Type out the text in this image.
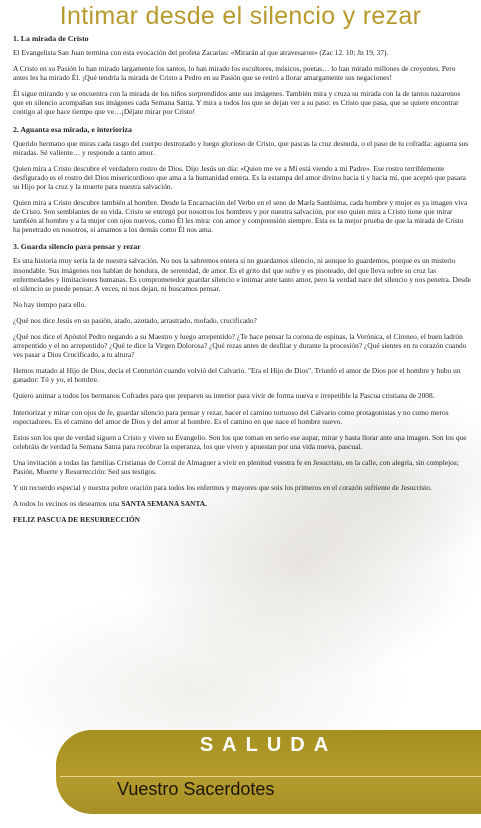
Intimar desde el silencio y rezar
1. La mirada de Cristo

El Evangelista San Juan termina con esta evocación del profeta Zacarías: «Mirarán al que atravesaron» (Zac 12. 10; Jn 19, 37).

A Cristo en su Pasión lo han mirado largamente los santos, lo han mirado los escultores, músicos, poetas… lo han mirado millones de creyentes. Pero antes les ha mirado Él. ¡Qué tendría la mirada de Cristo a Pedro en su Pasión que se retiró a llorar amargamente sus negaciones!

Él sigue mirando y se encuentra con la mirada de los niños sorprendidos ante sus imágenes. También mira y cruza su mirada con la de tantos nazarenos que en silencio acompañan sus imágenes cada Semana Santa. Y mira a todos los que se dejan ver a su paso: es Cristo que pasa, que se quiere encontrar contigo al que hace tiempo que ve…¡Déjate mirar por Cristo!

2. Aguanta esa mirada, e interioriza

Querido hermano que miras cada rasgo del cuerpo destrozado y luego glorioso de Cristo, que pascas la cruz desnuda, o el paso de tu cofradía: aguanta sus miradas. Sé valiente… y responde a tanto amor.

Quien mira a Cristo descubre el verdadero rostro de Dios. Dijo Jesús un día: «Quien me ve a Mí está viendo a mi Padre». Ese rostro terriblemente desfigurado es el rostro del Dios misericordioso que ama a la humanidad entera. Es la estampa del amor divino hacia ti y hacia mí, que aceptó que pasara su Hijo por la cruz y la muerte para nuestra salvación.

Quien mira a Cristo descubre también al hombre. Desde la Encarnación del Verbo en el seno de María Santísima, cada hombre y mujer es ya imagen viva de Cristo. Son semblantes de su vida. Cristo se entregó por nosotros los hombres y por nuestra salvación, por eso quien mira a Cristo tiene que mirar también al hombre y a la mujer con ojos nuevos, como Él les mira: con amor y comprensión siempre. Esta es la mejor prueba de que la mirada de Cristo ha penetrado en nosotros, si amamos a los demás como Él nos ama.

3. Guarda silencio para pensar y rezar

Es una historia muy seria la de nuestra salvación. No nos la sabremos entera si no guardamos silencio, ni aunque lo guardemos, porque es un misterio insondable. Sus imágenes nos hablan de hondura, de serenidad, de amor. Es el grito del que sufre y es pisoteado, del que lleva sobre su cruz las enfermedades y limitaciones humanas. Es comprometedor guardar silencio e intimar ante tanto amor, pero la verdad nace del silencio y nos penetra. Desde el silencio se puede pensar. A veces, ni nos dejan, ni buscamos pensar.

No hay tiempo para ello.

¿Qué nos dice Jesús en su pasión, atado, azotado, arrastrado, mofado, crucificado?

¿Qué nos dice el Apóstol Pedro negando a su Maestro y luego arrepentido? ¿Te hace pensar la corona de espinas, la Verónica, el Cireneo, el buen ladrón arrepentido y el no arrepentido? ¿Qué te dice la Virgen Dolorosa? ¿Qué rezas antes de desfilar y durante la procesión? ¿Qué sientes en tu corazón cuando ves pasar a Dios Crucificado, a tu altura?

Hemos matado al Hijo de Dios, decía el Centurión cuando volvió del Calvario. "Era el Hijo de Dios". Triunfó el amor de Dios por el hombre y hubo un ganador: Tú y yo, el hombre.

Quiero animar a todos los hermanos Cofrades para que preparen su interior para vivir de forma nueva e irrepetible la Pascua cristiana de 2008.

Interiorizar y mirar con ojos de fe, guardar silencio para pensar y rezar, hacer el camino tortuoso del Calvario como protagonistas y no como meros espectadores. Es el camino del amor de Dios y del amor al hombre. Es el camino en que nace el hombre nuevo.

Estos son los que de verdad siguen a Cristo y viven su Evangelio. Son los que toman en serio ese aupar, mirar y hasta llorar ante una imagen. Son los que celebráis de verdad la Semana Santa para recobrar la esperanza, los que viven y apuestan por una vida nueva, pascual.

Una invitación a todas las familias Cristianas de Corral de Almaguer a vivir en plenitud vuestra fe en Jesucristo, en la calle, con alegría, sin complejos; Pasión, Muerte y Resurrección: Sed sus testigos.

Y un recuerdo especial y nuestra pobre oración para todos los enfermos y mayores que sois los primeros en el corazón sufriente de Jesucristo.

A todos lo vecinos os deseamos una SANTA SEMANA SANTA.

FELIZ PASCUA DE RESURRECCIÓN

SALUDA

Vuestro Sacerdotes
